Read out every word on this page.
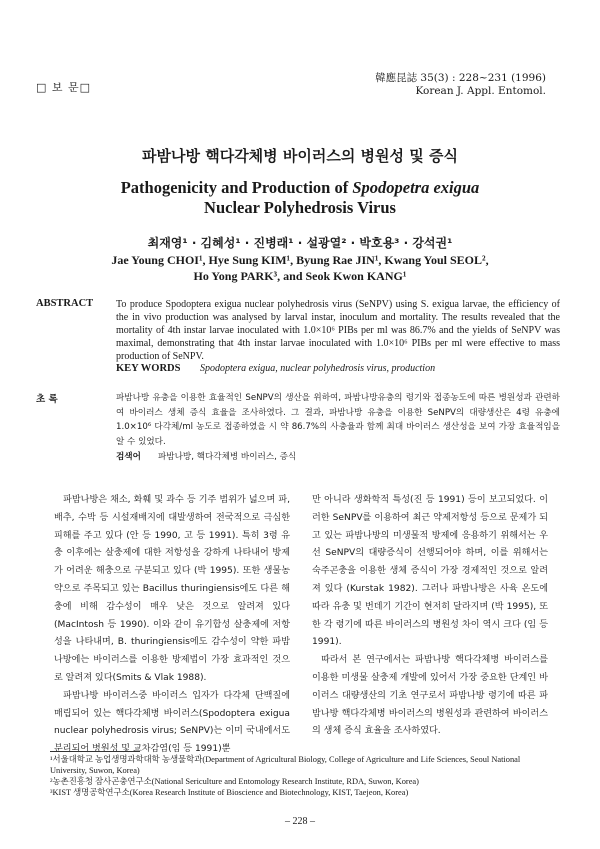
□ 보 문□
韓應昆誌 35(3) : 228~231 (1996)
Korean J. Appl. Entomol.
파밤나방 핵다각체병 바이러스의 병원성 및 증식
Pathogenicity and Production of Spodopetra exigua
Nuclear Polyhedrosis Virus
최재영¹ · 김혜성¹ · 진병래¹ · 설광열² · 박호용³ · 강석권¹
Jae Young CHOI¹, Hye Sung KIM¹, Byung Rae JIN¹, Kwang Youl SEOL²,
Ho Yong PARK³, and Seok Kwon KANG¹
ABSTRACT To produce Spodoptera exigua nuclear polyhedrosis virus (SeNPV) using S. exigua larvae, the efficiency of the in vivo production was analysed by larval instar, inoculum and mortality. The results revealed that the mortality of 4th instar larvae inoculated with 1.0×10⁶ PIBs per ml was 86.7% and the yields of SeNPV was maximal, demonstrating that 4th instar larvae inoculated with 1.0×10⁶ PIBs per ml were effective to mass production of SeNPV.
KEY WORDS Spodoptera exigua, nuclear polyhedrosis virus, production
초 록	파밤나방 유충을 이용한 효율적인 SeNPV의 생산을 위하여, 파밤나방유충의 령기와 접종농도에 따른 병원성과 관련하여 바이러스 생체 증식 효율을 조사하였다. 그 결과, 파밤나방 유충을 이용한 SeNPV의 대량생산은 4령 유충에 1.0×10⁶ 다각체/ml 농도로 접종하였을 시 약 86.7%의 사충율과 함께 최대 바이러스 생산성을 보여 가장 효율적임을 알 수 있었다.
검색어 파밤나방, 핵다각체병 바이러스, 증식

파밤나방은 채소, 화훼 및 과수 등 기주 범위가 넓으며 파, 배추, 수박 등 시설재배지에 대발생하여 전국적으로 극심한 피해를 주고 있다 (안 등 1990, 고 등 1991). 특히 3령 유충 이후에는 살충제에 대한 저항성을 강하게 나타내어 방제가 어려운 해충으로 구분되고 있다 (박 1995). 또한 생물농약으로 주목되고 있는 Bacillus thuringiensis에도 다른 해충에 비해 감수성이 매우 낮은 것으로 알려져 있다 (MacIntosh 등 1990). 이와 같이 유기합성 살충제에 저항성을 나타내며, B. thuringiensis에도 감수성이 약한 파밤나방에는 바이러스를 이용한 방제법이 가장 효과적인 것으로 알려져 있다(Smits & Vlak 1988).

파밤나방 바이러스중 바이러스 입자가 다각체 단백질에 매립되어 있는 핵다각체병 바이러스(Spodoptera exigua nuclear polyhedrosis virus; SeNPV)는 이미 국내에서도 분리되어 병원성 및 교차감염(임 등 1991)뿐

만 아니라 생화학적 특성(진 등 1991) 등이 보고되었다. 이러한 SeNPV를 이용하여 최근 약제저항성 등으로 문제가 되고 있는 파밤나방의 미생물적 방제에 응용하기 위해서는 우선 SeNPV의 대량증식이 선행되어야 하며, 이를 위해서는 숙주곤충을 이용한 생체 증식이 가장 경제적인 것으로 알려져 있다 (Kurstak 1982). 그러나 파밤나방은 사육 온도에 따라 유충 및 번데기 기간이 현저히 달라지며 (박 1995), 또한 각 령기에 따른 바이러스의 병원성 차이 역시 크다 (임 등 1991).

따라서 본 연구에서는 파밤나방 핵다각체병 바이러스를 이용한 미생물 살충제 개발에 있어서 가장 중요한 단계인 바이러스 대량생산의 기초 연구로서 파밤나방 령기에 따른 파밤나방 핵다각체병 바이러스의 병원성과 관련하여 바이러스의 생체 증식 효율을 조사하였다.

¹서울대학교 농업생명과학대학 농생물학과(Department of Agricultural Biology, College of Agriculture and Life Sciences, Seoul National University, Suwon, Korea)
²농촌진흥청 잠사곤충연구소(National Sericulture and Entomology Research Institute, RDA, Suwon, Korea)
³KIST 생명공학연구소(Korea Research Institute of Bioscience and Biotechnology, KIST, Taejeon, Korea)
– 228 –
